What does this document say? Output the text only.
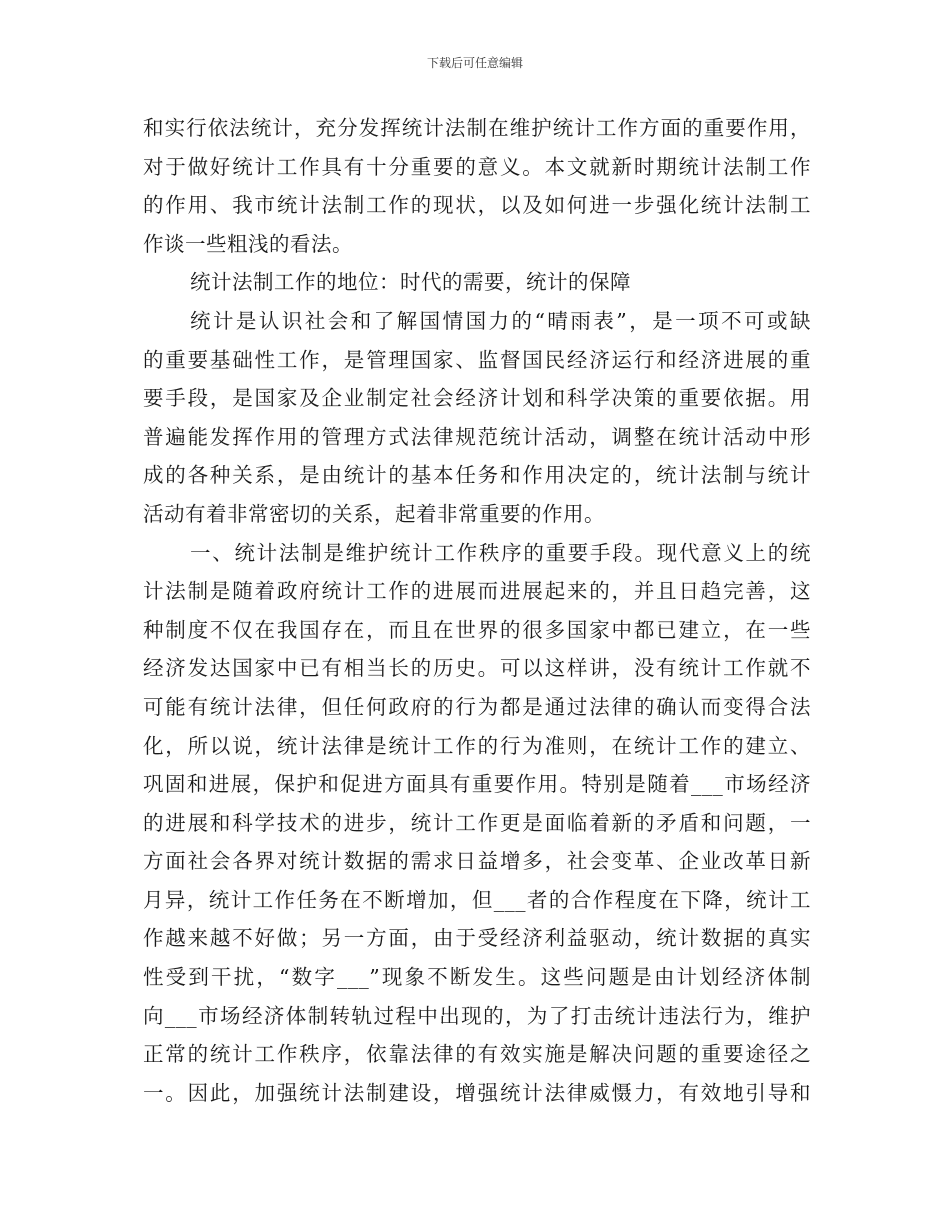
下载后可任意编辑
和实行依法统计，充分发挥统计法制在维护统计工作方面的重要作用，
对于做好统计工作具有十分重要的意义。本文就新时期统计法制工作
的作用、我市统计法制工作的现状，以及如何进一步强化统计法制工
作谈一些粗浅的看法。
统计法制工作的地位：时代的需要，统计的保障
统计是认识社会和了解国情国力的“晴雨表”，是一项不可或缺
的重要基础性工作，是管理国家、监督国民经济运行和经济进展的重
要手段，是国家及企业制定社会经济计划和科学决策的重要依据。用
普遍能发挥作用的管理方式法律规范统计活动，调整在统计活动中形
成的各种关系，是由统计的基本任务和作用决定的，统计法制与统计
活动有着非常密切的关系，起着非常重要的作用。
一、统计法制是维护统计工作秩序的重要手段。现代意义上的统
计法制是随着政府统计工作的进展而进展起来的，并且日趋完善，这
种制度不仅在我国存在，而且在世界的很多国家中都已建立，在一些
经济发达国家中已有相当长的历史。可以这样讲，没有统计工作就不
可能有统计法律，但任何政府的行为都是通过法律的确认而变得合法
化，所以说，统计法律是统计工作的行为准则，在统计工作的建立、
巩固和进展，保护和促进方面具有重要作用。特别是随着___市场经济
的进展和科学技术的进步，统计工作更是面临着新的矛盾和问题，一
方面社会各界对统计数据的需求日益增多，社会变革、企业改革日新
月异，统计工作任务在不断增加，但___者的合作程度在下降，统计工
作越来越不好做；另一方面，由于受经济利益驱动，统计数据的真实
性受到干扰，“数字___”现象不断发生。这些问题是由计划经济体制
向___市场经济体制转轨过程中出现的，为了打击统计违法行为，维护
正常的统计工作秩序，依靠法律的有效实施是解决问题的重要途径之
一。因此，加强统计法制建设，增强统计法律威慑力，有效地引导和
